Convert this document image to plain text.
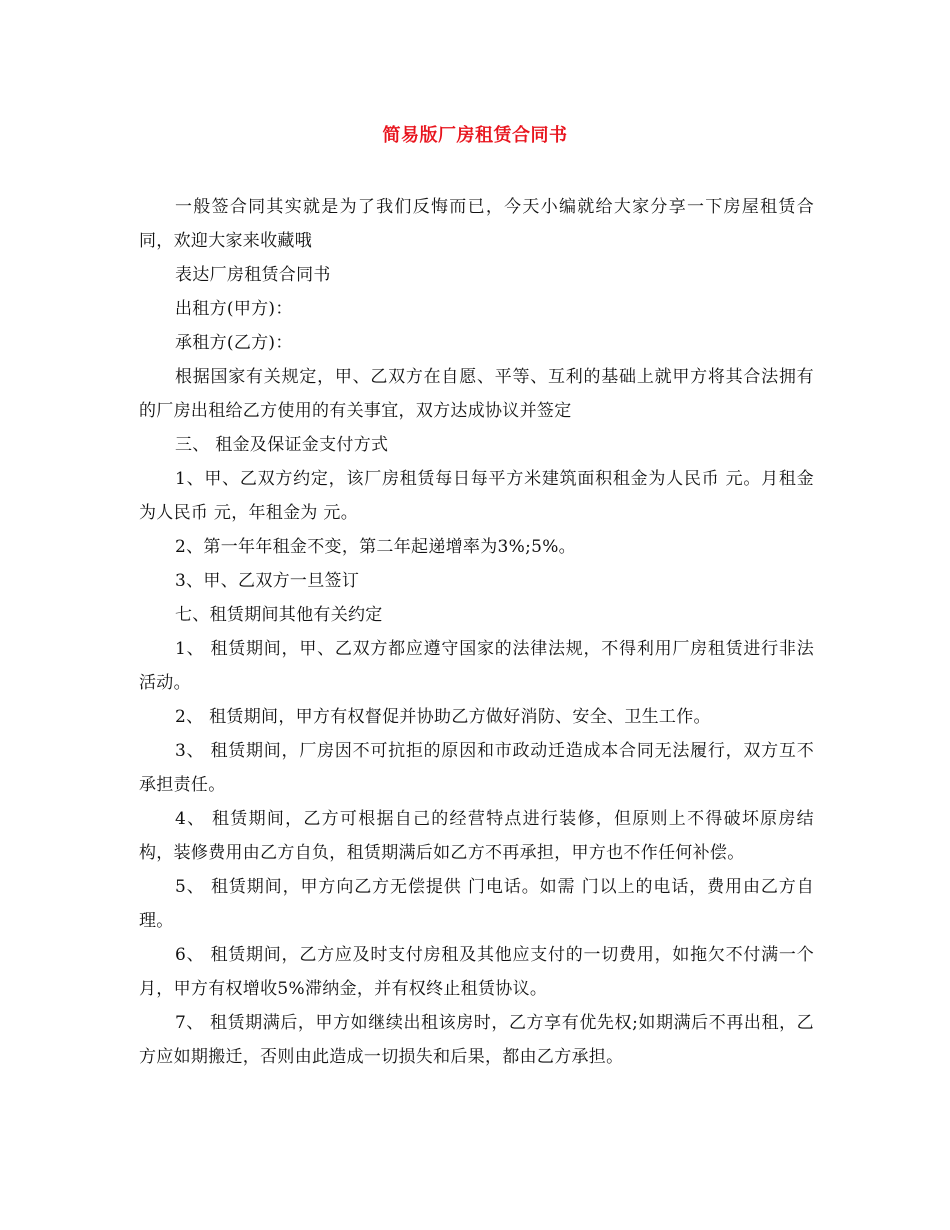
简易版厂房租赁合同书

一般签合同其实就是为了我们反悔而已，今天小编就给大家分享一下房屋租赁合同，欢迎大家来收藏哦

表达厂房租赁合同书

出租方(甲方)：

承租方(乙方)：

根据国家有关规定，甲、乙双方在自愿、平等、互利的基础上就甲方将其合法拥有的厂房出租给乙方使用的有关事宜，双方达成协议并签定

三、 租金及保证金支付方式

1、甲、乙双方约定，该厂房租赁每日每平方米建筑面积租金为人民币 元。月租金为人民币 元，年租金为 元。

2、第一年年租金不变，第二年起递增率为3%;5%。

3、甲、乙双方一旦签订

七、租赁期间其他有关约定

1、 租赁期间，甲、乙双方都应遵守国家的法律法规，不得利用厂房租赁进行非法活动。

2、 租赁期间，甲方有权督促并协助乙方做好消防、安全、卫生工作。

3、 租赁期间，厂房因不可抗拒的原因和市政动迁造成本合同无法履行，双方互不承担责任。

4、 租赁期间，乙方可根据自己的经营特点进行装修，但原则上不得破坏原房结构，装修费用由乙方自负，租赁期满后如乙方不再承担，甲方也不作任何补偿。

5、 租赁期间，甲方向乙方无偿提供 门电话。如需 门以上的电话，费用由乙方自理。

6、 租赁期间，乙方应及时支付房租及其他应支付的一切费用，如拖欠不付满一个月，甲方有权增收5%滞纳金，并有权终止租赁协议。

7、 租赁期满后，甲方如继续出租该房时，乙方享有优先权;如期满后不再出租，乙方应如期搬迁，否则由此造成一切损失和后果，都由乙方承担。
